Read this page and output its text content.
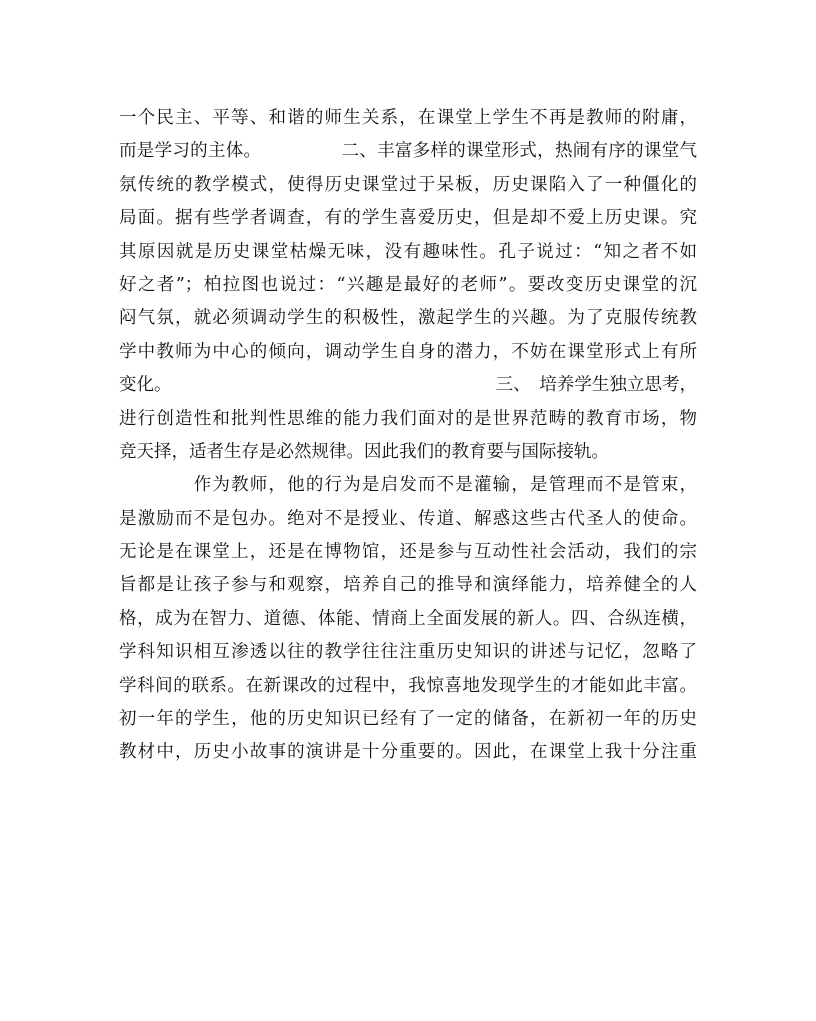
一个民主、平等、和谐的师生关系，在课堂上学生不再是教师的附庸，
而是学习的主体。　　　　　二、丰富多样的课堂形式，热闹有序的课堂气
氛传统的教学模式，使得历史课堂过于呆板，历史课陷入了一种僵化的
局面。据有些学者调查，有的学生喜爱历史，但是却不爱上历史课。究
其原因就是历史课堂枯燥无味，没有趣味性。孔子说过：“知之者不如
好之者”；柏拉图也说过：“兴趣是最好的老师”。要改变历史课堂的沉
闷气氛，就必须调动学生的积极性，激起学生的兴趣。为了克服传统教
学中教师为中心的倾向，调动学生自身的潜力，不妨在课堂形式上有所
变化。　　　　　　　　　　　　　　　　　　　三、　培养学生独立思考，
进行创造性和批判性思维的能力我们面对的是世界范畴的教育市场，物
竞天择，适者生存是必然规律。因此我们的教育要与国际接轨。
　　　　作为教师，他的行为是启发而不是灌输，是管理而不是管束，
是激励而不是包办。绝对不是授业、传道、解惑这些古代圣人的使命。
无论是在课堂上，还是在博物馆，还是参与互动性社会活动，我们的宗
旨都是让孩子参与和观察，培养自己的推导和演绎能力，培养健全的人
格，成为在智力、道德、体能、情商上全面发展的新人。四、合纵连横，
学科知识相互渗透以往的教学往往注重历史知识的讲述与记忆，忽略了
学科间的联系。在新课改的过程中，我惊喜地发现学生的才能如此丰富。
初一年的学生，他的历史知识已经有了一定的储备，在新初一年的历史
教材中，历史小故事的演讲是十分重要的。因此，在课堂上我十分注重
